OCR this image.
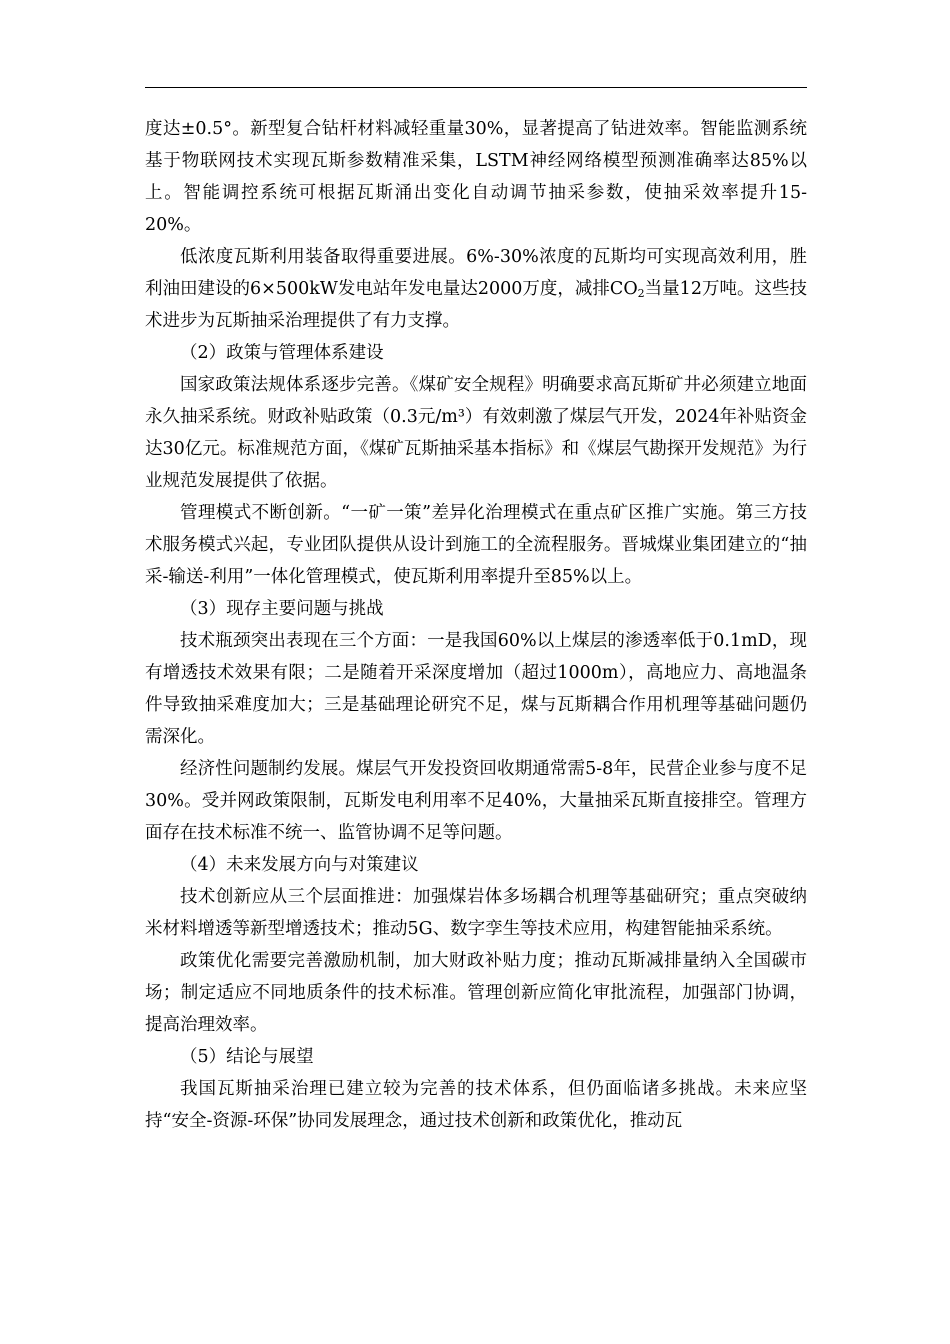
度达±0.5°。新型复合钻杆材料减轻重量30%，显著提高了钻进效率。智能监测系统基于物联网技术实现瓦斯参数精准采集，LSTM神经网络模型预测准确率达85%以上。智能调控系统可根据瓦斯涌出变化自动调节抽采参数，使抽采效率提升15-20%。

低浓度瓦斯利用装备取得重要进展。6%-30%浓度的瓦斯均可实现高效利用，胜利油田建设的6×500kW发电站年发电量达2000万度，减排$CO_2$当量12万吨。这些技术进步为瓦斯抽采治理提供了有力支撑。

（2）政策与管理体系建设

国家政策法规体系逐步完善。《煤矿安全规程》明确要求高瓦斯矿井必须建立地面永久抽采系统。财政补贴政策（0.3元/m³）有效刺激了煤层气开发，2024年补贴资金达30亿元。标准规范方面，《煤矿瓦斯抽采基本指标》和《煤层气勘探开发规范》为行业规范发展提供了依据。

管理模式不断创新。“一矿一策”差异化治理模式在重点矿区推广实施。第三方技术服务模式兴起，专业团队提供从设计到施工的全流程服务。晋城煤业集团建立的“抽采-输送-利用”一体化管理模式，使瓦斯利用率提升至85%以上。

（3）现存主要问题与挑战

技术瓶颈突出表现在三个方面：一是我国60%以上煤层的渗透率低于0.1mD，现有增透技术效果有限；二是随着开采深度增加（超过1000m），高地应力、高地温条件导致抽采难度加大；三是基础理论研究不足，煤与瓦斯耦合作用机理等基础问题仍需深化。

经济性问题制约发展。煤层气开发投资回收期通常需5-8年，民营企业参与度不足30%。受并网政策限制，瓦斯发电利用率不足40%，大量抽采瓦斯直接排空。管理方面存在技术标准不统一、监管协调不足等问题。

（4）未来发展方向与对策建议

技术创新应从三个层面推进：加强煤岩体多场耦合机理等基础研究；重点突破纳米材料增透等新型增透技术；推动5G、数字孪生等技术应用，构建智能抽采系统。

政策优化需要完善激励机制，加大财政补贴力度；推动瓦斯减排量纳入全国碳市场；制定适应不同地质条件的技术标准。管理创新应简化审批流程，加强部门协调，提高治理效率。

（5）结论与展望

我国瓦斯抽采治理已建立较为完善的技术体系，但仍面临诸多挑战。未来应坚持“安全-资源-环保”协同发展理念，通过技术创新和政策优化，推动瓦
